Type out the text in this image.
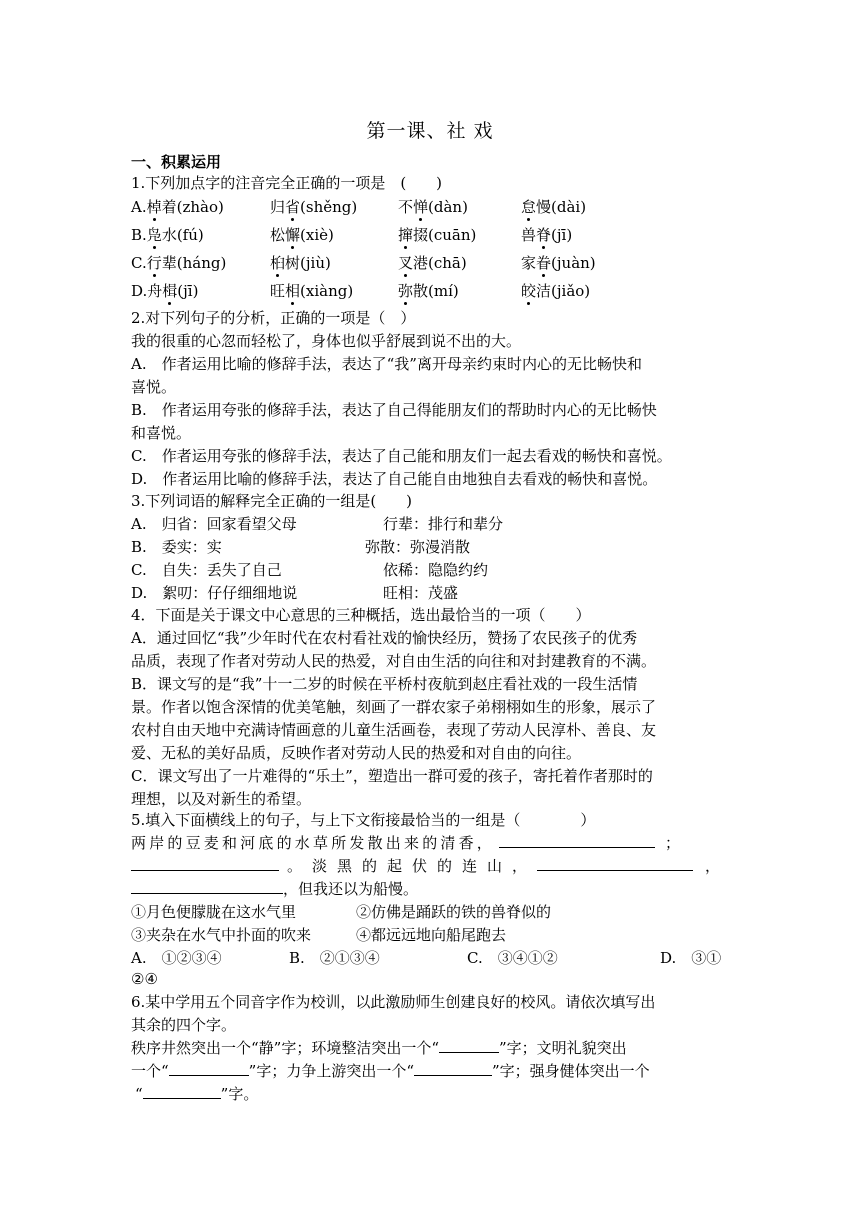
第一课、社 戏
一、积累运用
1.下列加点字的注音完全正确的一项是　(　　)
A.棹着(zhào)	归省(shěng)	不惮(dàn)	怠慢(dài)
B.凫水(fú)	松懈(xiè)	撺掇(cuān)	兽脊(jī)
C.行辈(háng)	桕树(jiù)	叉港(chā)	家眷(juàn)
D.舟楫(jī)	旺相(xiàng)	弥散(mí)	皎洁(jiǎo)
2.对下列句子的分析，正确的一项是（　）
我的很重的心忽而轻松了，身体也似乎舒展到说不出的大。
A.　作者运用比喻的修辞手法，表达了“我”离开母亲约束时内心的无比畅快和
喜悦。
B.　作者运用夸张的修辞手法，表达了自己得能朋友们的帮助时内心的无比畅快
和喜悦。
C.　作者运用夸张的修辞手法，表达了自己能和朋友们一起去看戏的畅快和喜悦。
D.　作者运用比喻的修辞手法，表达了自己能自由地独自去看戏的畅快和喜悦。
3.下列词语的解释完全正确的一组是(　　)
A.　归省：回家看望父母	行辈：排行和辈分
B.　委实：实	弥散：弥漫消散
C.　自失：丢失了自己	依稀：隐隐约约
D.　絮叨：仔仔细细地说	旺相：茂盛
4．下面是关于课文中心意思的三种概括，选出最恰当的一项（　　）
A．通过回忆“我”少年时代在农村看社戏的愉快经历，赞扬了农民孩子的优秀
品质，表现了作者对劳动人民的热爱，对自由生活的向往和对封建教育的不满。
B．课文写的是“我”十一二岁的时候在平桥村夜航到赵庄看社戏的一段生活情
景。作者以饱含深情的优美笔触，刻画了一群农家子弟栩栩如生的形象，展示了
农村自由天地中充满诗情画意的儿童生活画卷，表现了劳动人民淳朴、善良、友
爱、无私的美好品质，反映作者对劳动人民的热爱和对自由的向往。
C．课文写出了一片难得的“乐土”，塑造出一群可爱的孩子，寄托着作者那时的
理想，以及对新生的希望。
5.填入下面横线上的句子，与上下文衔接最恰当的一组是（　　　　）
两岸的豆麦和河底的水草所发散出来的清香，	；
。淡黑的起伏的连山，	，
，但我还以为船慢。
①月色便朦胧在这水气里	②仿佛是踊跃的铁的兽脊似的
③夹杂在水气中扑面的吹来	④都远远地向船尾跑去
A.　①②③④	B.　②①③④	C.　③④①②	D.　③①
②④
6.某中学用五个同音字作为校训，以此激励师生创建良好的校风。请依次填写出
其余的四个字。
秩序井然突出一个“静”字；环境整洁突出一个“	”字；文明礼貌突出
一个“	”字；力争上游突出一个“	”字；强身健体突出一个
“	”字。
